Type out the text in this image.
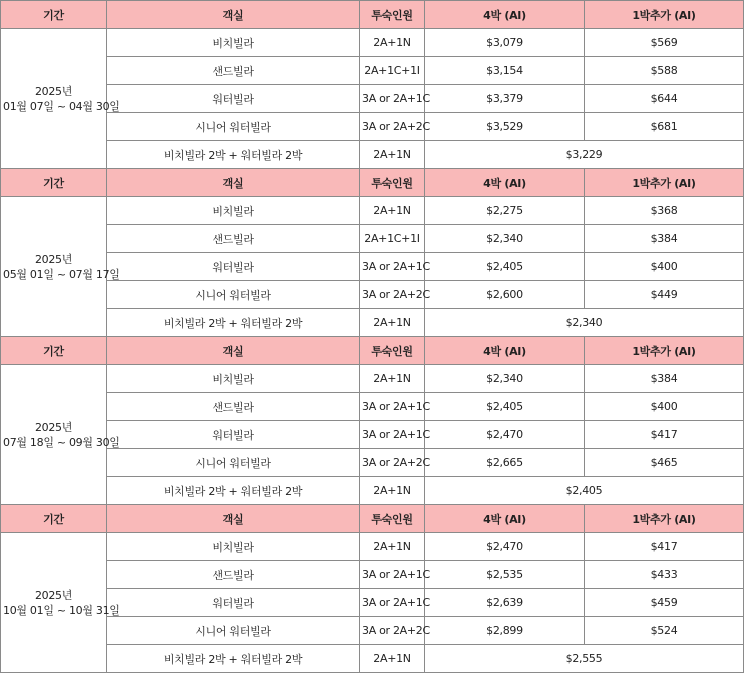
기간	객실	투숙인원	4박 (AI)	1박추가 (AI)

2025년
01월 07일 ~ 04월 30일	비치빌라	2A+1N	$3,079	$569
	샌드빌라	2A+1C+1I	$3,154	$588
	워터빌라	3A or 2A+1C	$3,379	$644
	시니어 워터빌라	3A or 2A+2C	$3,529	$681
	비치빌라 2박 + 워터빌라 2박	2A+1N	$3,229	
기간	객실	투숙인원	4박 (AI)	1박추가 (AI)

2025년
05월 01일 ~ 07월 17일	비치빌라	2A+1N	$2,275	$368
	샌드빌라	2A+1C+1I	$2,340	$384
	워터빌라	3A or 2A+1C	$2,405	$400
	시니어 워터빌라	3A or 2A+2C	$2,600	$449
	비치빌라 2박 + 워터빌라 2박	2A+1N	$2,340	
기간	객실	투숙인원	4박 (AI)	1박추가 (AI)

2025년
07월 18일 ~ 09월 30일	비치빌라	2A+1N	$2,340	$384
	샌드빌라	3A or 2A+1C	$2,405	$400
	워터빌라	3A or 2A+1C	$2,470	$417
	시니어 워터빌라	3A or 2A+2C	$2,665	$465
	비치빌라 2박 + 워터빌라 2박	2A+1N	$2,405	
기간	객실	투숙인원	4박 (AI)	1박추가 (AI)

2025년
10월 01일 ~ 10월 31일	비치빌라	2A+1N	$2,470	$417
	샌드빌라	3A or 2A+1C	$2,535	$433
	워터빌라	3A or 2A+1C	$2,639	$459
	시니어 워터빌라	3A or 2A+2C	$2,899	$524
	비치빌라 2박 + 워터빌라 2박	2A+1N	$2,555	
